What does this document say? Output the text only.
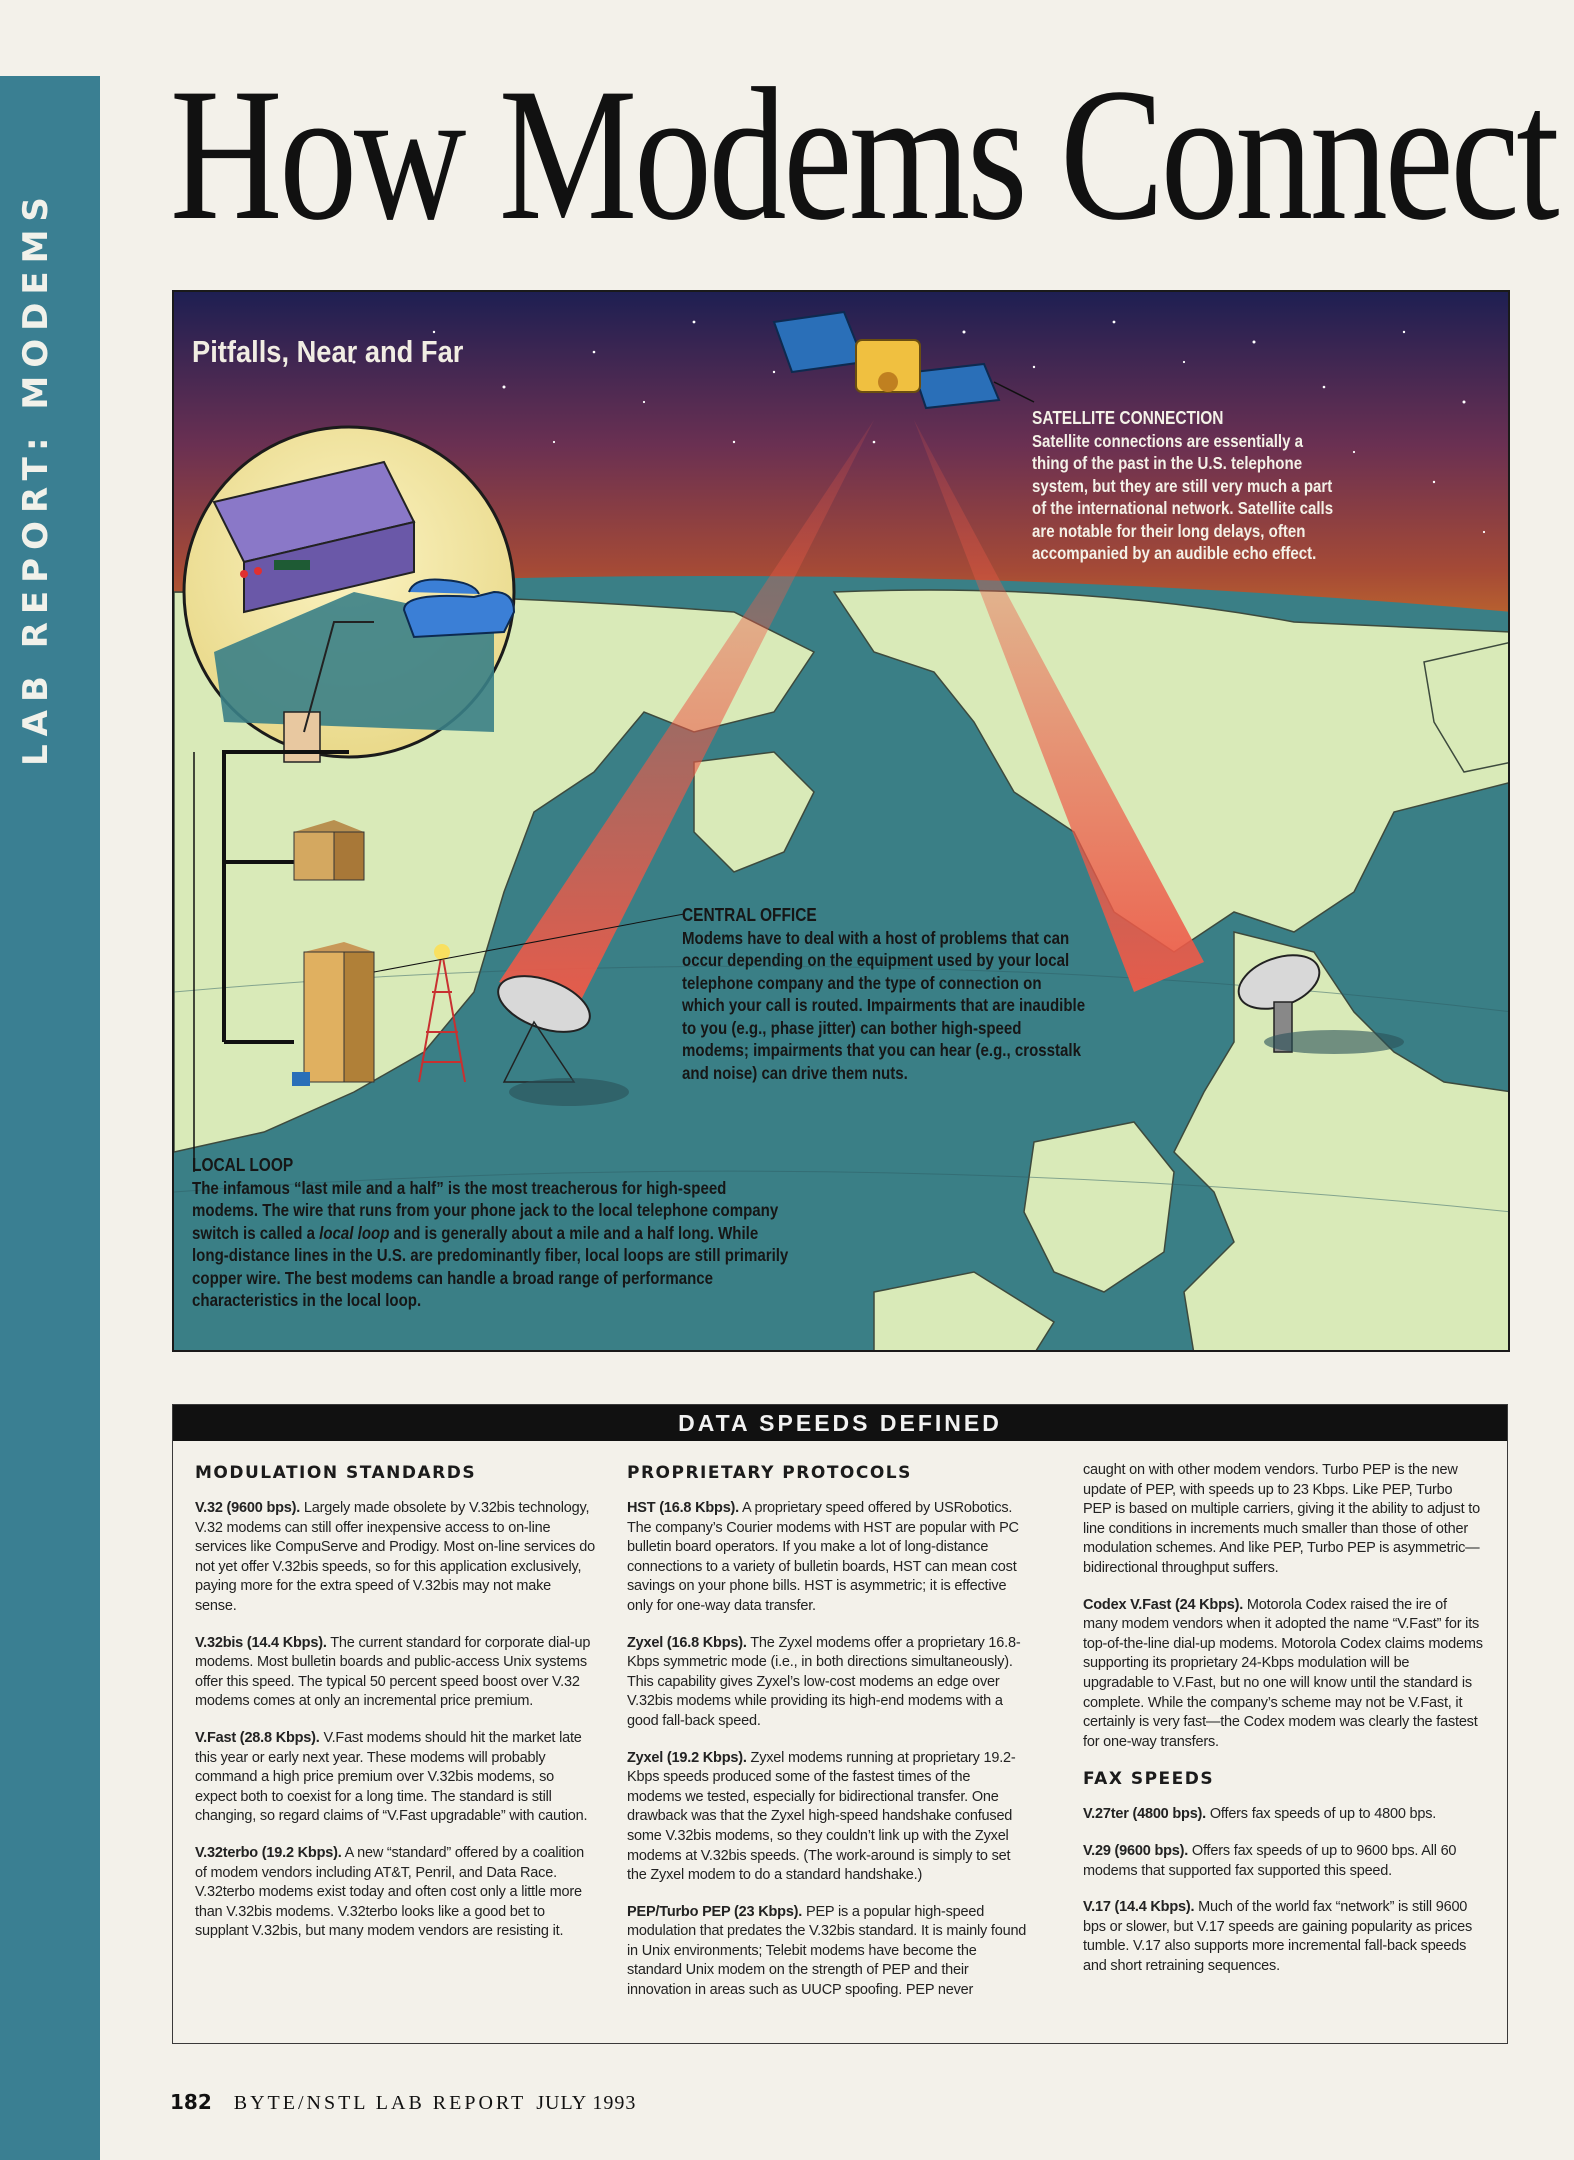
LAB REPORT: MODEMS
How Modems Connect
Pitfalls, Near and Far
SATELLITE CONNECTION
Satellite connections are essentially a thing of the past in the U.S. telephone system, but they are still very much a part of the international network. Satellite calls are notable for their long delays, often accompanied by an audible echo effect.
CENTRAL OFFICE
Modems have to deal with a host of problems that can occur depending on the equipment used by your local telephone company and the type of connection on which your call is routed. Impairments that are inaudible to you (e.g., phase jitter) can bother high-speed modems; impairments that you can hear (e.g., crosstalk and noise) can drive them nuts.
LOCAL LOOP
The infamous “last mile and a half” is the most treacherous for high-speed modems. The wire that runs from your phone jack to the local telephone company switch is called a local loop and is generally about a mile and a half long. While long-distance lines in the U.S. are predominantly fiber, local loops are still primarily copper wire. The best modems can handle a broad range of performance characteristics in the local loop.
DATA SPEEDS DEFINED
MODULATION STANDARDS

V.32 (9600 bps). Largely made obsolete by V.32bis technology, V.32 modems can still offer inexpensive access to on-line services like CompuServe and Prodigy. Most on-line services do not yet offer V.32bis speeds, so for this application exclusively, paying more for the extra speed of V.32bis may not make sense.

V.32bis (14.4 Kbps). The current standard for corporate dial-up modems. Most bulletin boards and public-access Unix systems offer this speed. The typical 50 percent speed boost over V.32 modems comes at only an incremental price premium.

V.Fast (28.8 Kbps). V.Fast modems should hit the market late this year or early next year. These modems will probably command a high price premium over V.32bis modems, so expect both to coexist for a long time. The standard is still changing, so regard claims of “V.Fast upgradable” with caution.

V.32terbo (19.2 Kbps). A new “standard” offered by a coalition of modem vendors including AT&T, Penril, and Data Race. V.32terbo modems exist today and often cost only a little more than V.32bis modems. V.32terbo looks like a good bet to supplant V.32bis, but many modem vendors are resisting it.

PROPRIETARY PROTOCOLS

HST (16.8 Kbps). A proprietary speed offered by USRobotics. The company’s Courier modems with HST are popular with PC bulletin board operators. If you make a lot of long-distance connections to a variety of bulletin boards, HST can mean cost savings on your phone bills. HST is asymmetric; it is effective only for one-way data transfer.

Zyxel (16.8 Kbps). The Zyxel modems offer a proprietary 16.8-Kbps symmetric mode (i.e., in both directions simultaneously). This capability gives Zyxel’s low-cost modems an edge over V.32bis modems while providing its high-end modems with a good fall-back speed.

Zyxel (19.2 Kbps). Zyxel modems running at proprietary 19.2-Kbps speeds produced some of the fastest times of the modems we tested, especially for bidirectional transfer. One drawback was that the Zyxel high-speed handshake confused some V.32bis modems, so they couldn’t link up with the Zyxel modems at V.32bis speeds. (The work-around is simply to set the Zyxel modem to do a standard handshake.)

PEP/Turbo PEP (23 Kbps). PEP is a popular high-speed modulation that predates the V.32bis standard. It is mainly found in Unix environments; Telebit modems have become the standard Unix modem on the strength of PEP and their innovation in areas such as UUCP spoofing. PEP never

caught on with other modem vendors. Turbo PEP is the new update of PEP, with speeds up to 23 Kbps. Like PEP, Turbo PEP is based on multiple carriers, giving it the ability to adjust to line conditions in increments much smaller than those of other modulation schemes. And like PEP, Turbo PEP is asymmetric—bidirectional throughput suffers.

Codex V.Fast (24 Kbps). Motorola Codex raised the ire of many modem vendors when it adopted the name “V.Fast” for its top-of-the-line dial-up modems. Motorola Codex claims modems supporting its proprietary 24-Kbps modulation will be upgradable to V.Fast, but no one will know until the standard is complete. While the company’s scheme may not be V.Fast, it certainly is very fast—the Codex modem was clearly the fastest for one-way transfers.

FAX SPEEDS

V.27ter (4800 bps). Offers fax speeds of up to 4800 bps.

V.29 (9600 bps). Offers fax speeds of up to 9600 bps. All 60 modems that supported fax supported this speed.

V.17 (14.4 Kbps). Much of the world fax “network” is still 9600 bps or slower, but V.17 speeds are gaining popularity as prices tumble. V.17 also supports more incremental fall-back speeds and short retraining sequences.

182 BYTE/NSTL LAB REPORT JULY 1993
